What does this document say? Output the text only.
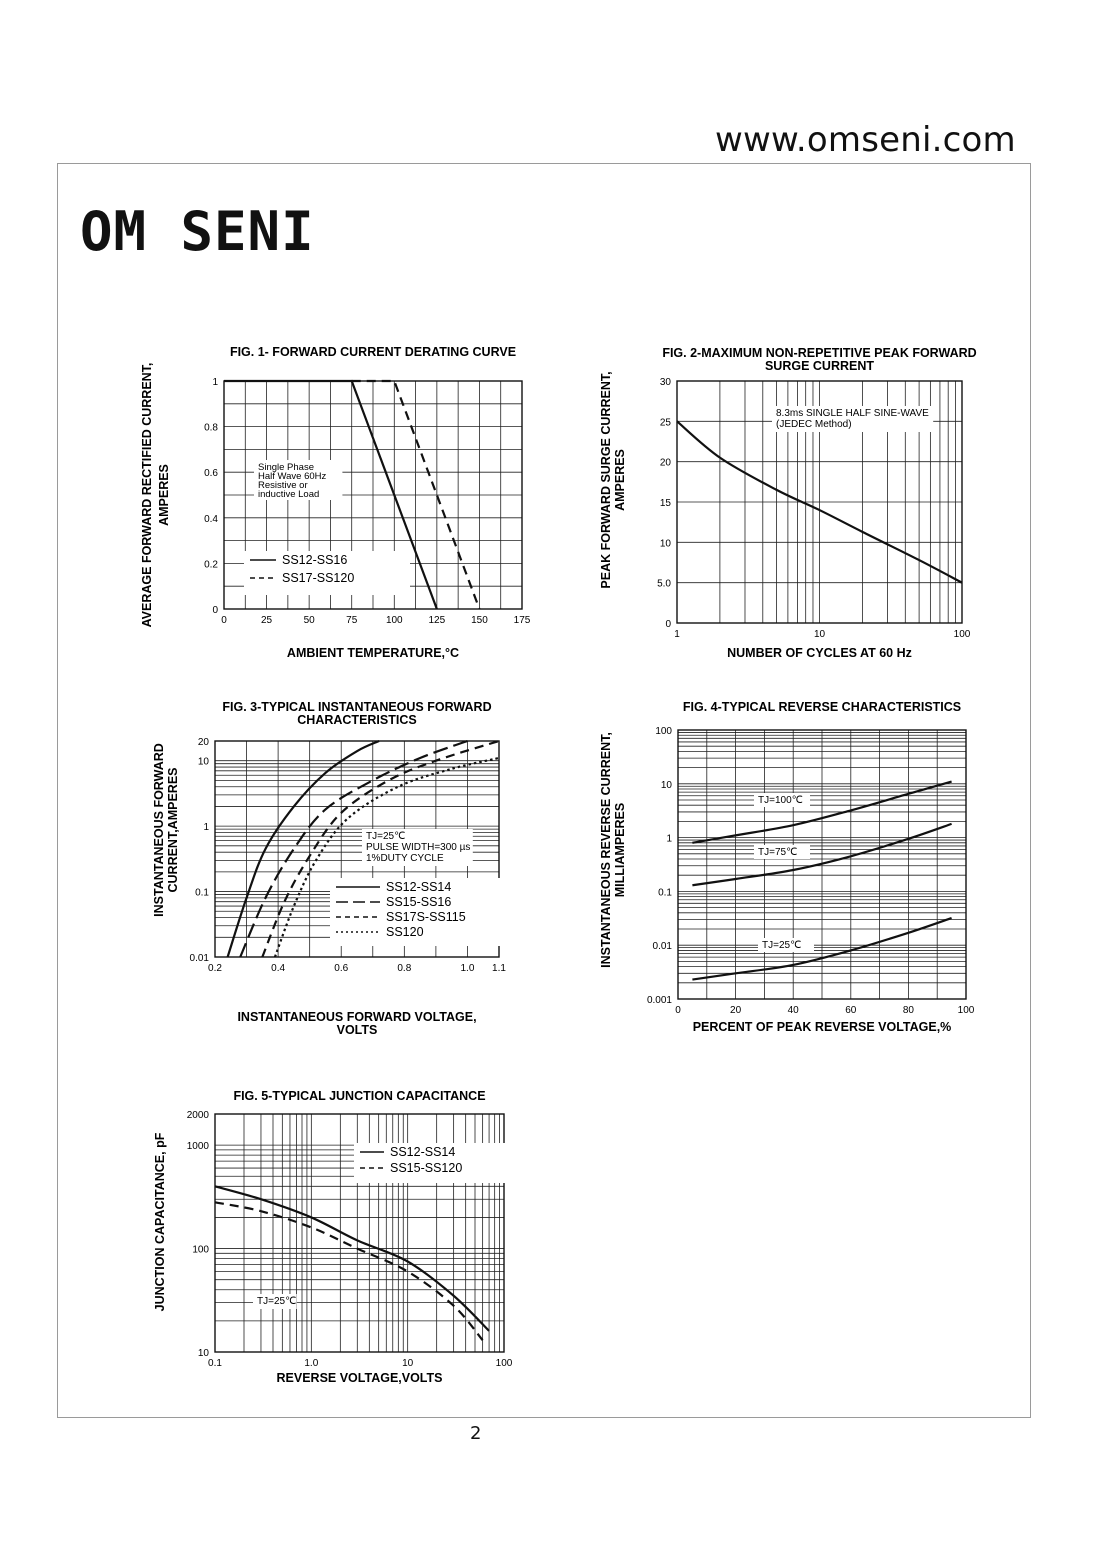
www.omseni.com
OM SENI
2
0	25	50	75	100	125	150	175
0
0.2
0.4
0.6
0.8
1
FIG. 1- FORWARD CURRENT DERATING CURVE
AMBIENT TEMPERATURE,°C
AVERAGE FORWARD RECTIFIED CURRENT, AMPERES
SS12-SS16
SS17-SS120
Single Phase
Half Wave 60Hz
Resistive or
inductive Load
1	10	100
0
5.0
10
15
20
25
30
FIG. 2-MAXIMUM NON-REPETITIVE PEAK FORWARD
SURGE CURRENT
NUMBER OF CYCLES AT 60 Hz
PEAK FORWARD SURGE CURRENT, AMPERES
8.3ms SINGLE HALF SINE-WAVE
(JEDEC Method)
0.2	0.4	0.6	0.8	1.0 1.1
0.01
0.1
1
10
20
FIG. 3-TYPICAL INSTANTANEOUS FORWARD
CHARACTERISTICS
INSTANTANEOUS FORWARD VOLTAGE,
VOLTS
INSTANTANEOUS FORWARD CURRENT,AMPERES	SS12-SS14
SS15-SS16
SS17S-SS115
SS120
TJ=25℃
PULSE WIDTH=300 µs
1%DUTY CYCLE
0	20	40	60	80	100
0.001
0.01
0.1
1
10
100
FIG. 4-TYPICAL REVERSE CHARACTERISTICS
PERCENT OF PEAK REVERSE VOLTAGE,%
INSTANTANEOUS REVERSE CURRENT, MILLIAMPERES
TJ=100℃
TJ=75℃
TJ=25℃
0.1	1.0	10	100
10
100
1000
2000
FIG. 5-TYPICAL JUNCTION CAPACITANCE
REVERSE VOLTAGE,VOLTS
JUNCTION CAPACITANCE, pF	SS12-SS14
SS15-SS120
TJ=25℃
